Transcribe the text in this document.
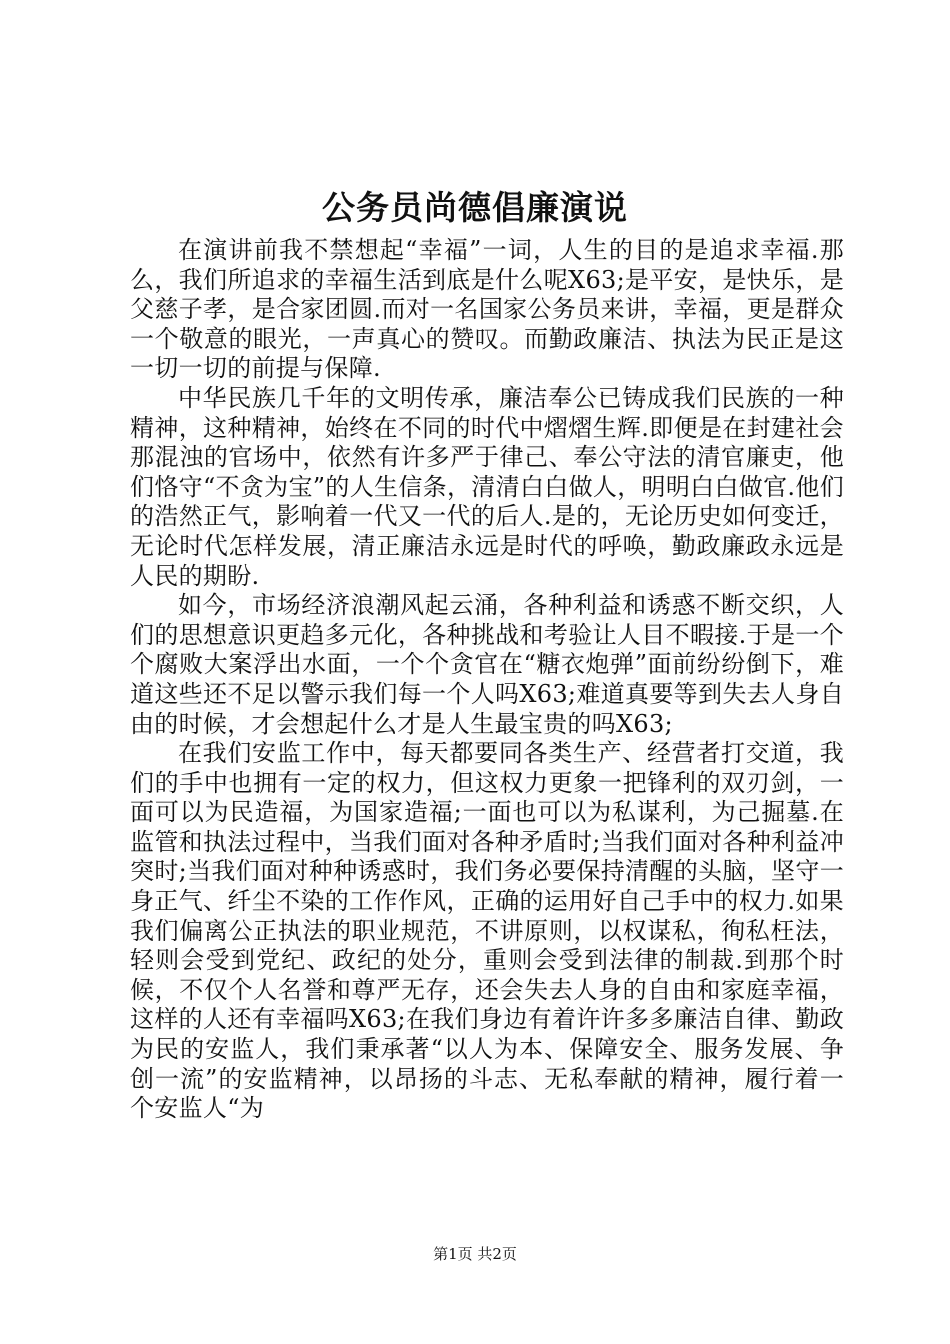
公务员尚德倡廉演说

在演讲前我不禁想起“幸福”一词，人生的目的是追求幸福.那么，我们所追求的幸福生活到底是什么呢X63;是平安，是快乐，是父慈子孝，是合家团圆.而对一名国家公务员来讲，幸福，更是群众一个敬意的眼光，一声真心的赞叹。而勤政廉洁、执法为民正是这一切一切的前提与保障.

中华民族几千年的文明传承，廉洁奉公已铸成我们民族的一种精神，这种精神，始终在不同的时代中熠熠生辉.即便是在封建社会那混浊的官场中，依然有许多严于律己、奉公守法的清官廉吏，他们恪守“不贪为宝”的人生信条，清清白白做人，明明白白做官.他们的浩然正气，影响着一代又一代的后人.是的，无论历史如何变迁，无论时代怎样发展，清正廉洁永远是时代的呼唤，勤政廉政永远是人民的期盼.

如今，市场经济浪潮风起云涌，各种利益和诱惑不断交织，人们的思想意识更趋多元化，各种挑战和考验让人目不暇接.于是一个个腐败大案浮出水面，一个个贪官在“糖衣炮弹”面前纷纷倒下，难道这些还不足以警示我们每一个人吗X63;难道真要等到失去人身自由的时候，才会想起什么才是人生最宝贵的吗X63;

在我们安监工作中，每天都要同各类生产、经营者打交道，我们的手中也拥有一定的权力，但这权力更象一把锋利的双刃剑，一面可以为民造福，为国家造福;一面也可以为私谋利，为己掘墓.在监管和执法过程中，当我们面对各种矛盾时;当我们面对各种利益冲突时;当我们面对种种诱惑时，我们务必要保持清醒的头脑，坚守一身正气、纤尘不染的工作作风，正确的运用好自己手中的权力.如果我们偏离公正执法的职业规范，不讲原则，以权谋私，徇私枉法，轻则会受到党纪、政纪的处分，重则会受到法律的制裁.到那个时候，不仅个人名誉和尊严无存，还会失去人身的自由和家庭幸福，这样的人还有幸福吗X63;在我们身边有着许许多多廉洁自律、勤政为民的安监人，我们秉承著“以人为本、保障安全、服务发展、争创一流”的安监精神，以昂扬的斗志、无私奉献的精神，履行着一个安监人“为

第1页 共2页
